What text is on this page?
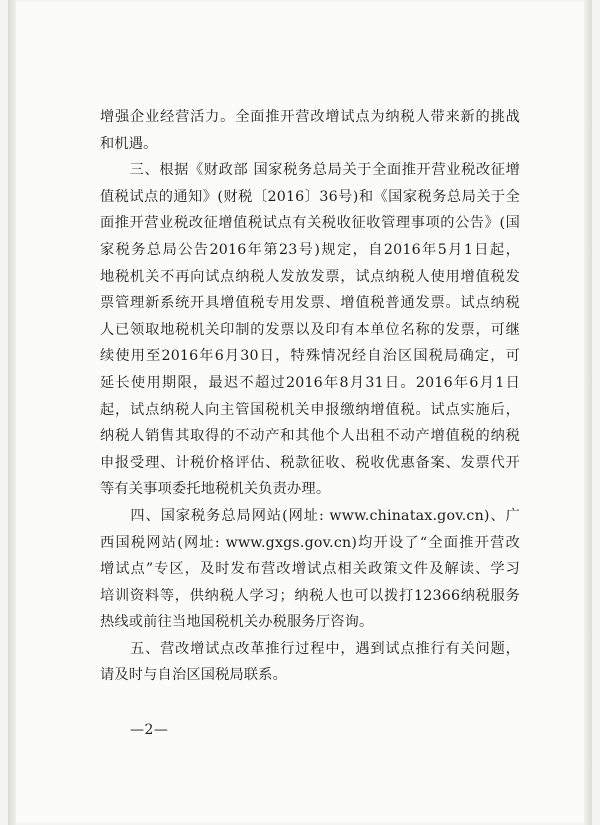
增强企业经营活力。全面推开营改增试点为纳税人带来新的挑战
和机遇。
　　三、根据《财政部 国家税务总局关于全面推开营业税改征增
值税试点的通知》(财税〔2016〕36号)和《国家税务总局关于全
面推开营业税改征增值税试点有关税收征收管理事项的公告》(国
家税务总局公告2016年第23号)规定，自2016年5月1日起，
地税机关不再向试点纳税人发放发票，试点纳税人使用增值税发
票管理新系统开具增值税专用发票、增值税普通发票。试点纳税
人已领取地税机关印制的发票以及印有本单位名称的发票，可继
续使用至2016年6月30日，特殊情况经自治区国税局确定，可
延长使用期限，最迟不超过2016年8月31日。2016年6月1日
起，试点纳税人向主管国税机关申报缴纳增值税。试点实施后，
纳税人销售其取得的不动产和其他个人出租不动产增值税的纳税
申报受理、计税价格评估、税款征收、税收优惠备案、发票代开
等有关事项委托地税机关负责办理。
　　四、国家税务总局网站(网址: www.chinatax.gov.cn)、广
西国税网站(网址: www.gxgs.gov.cn)均开设了“全面推开营改
增试点”专区，及时发布营改增试点相关政策文件及解读、学习
培训资料等，供纳税人学习；纳税人也可以拨打12366纳税服务
热线或前往当地国税机关办税服务厅咨询。
　　五、营改增试点改革推行过程中，遇到试点推行有关问题，
请及时与自治区国税局联系。
—2—
